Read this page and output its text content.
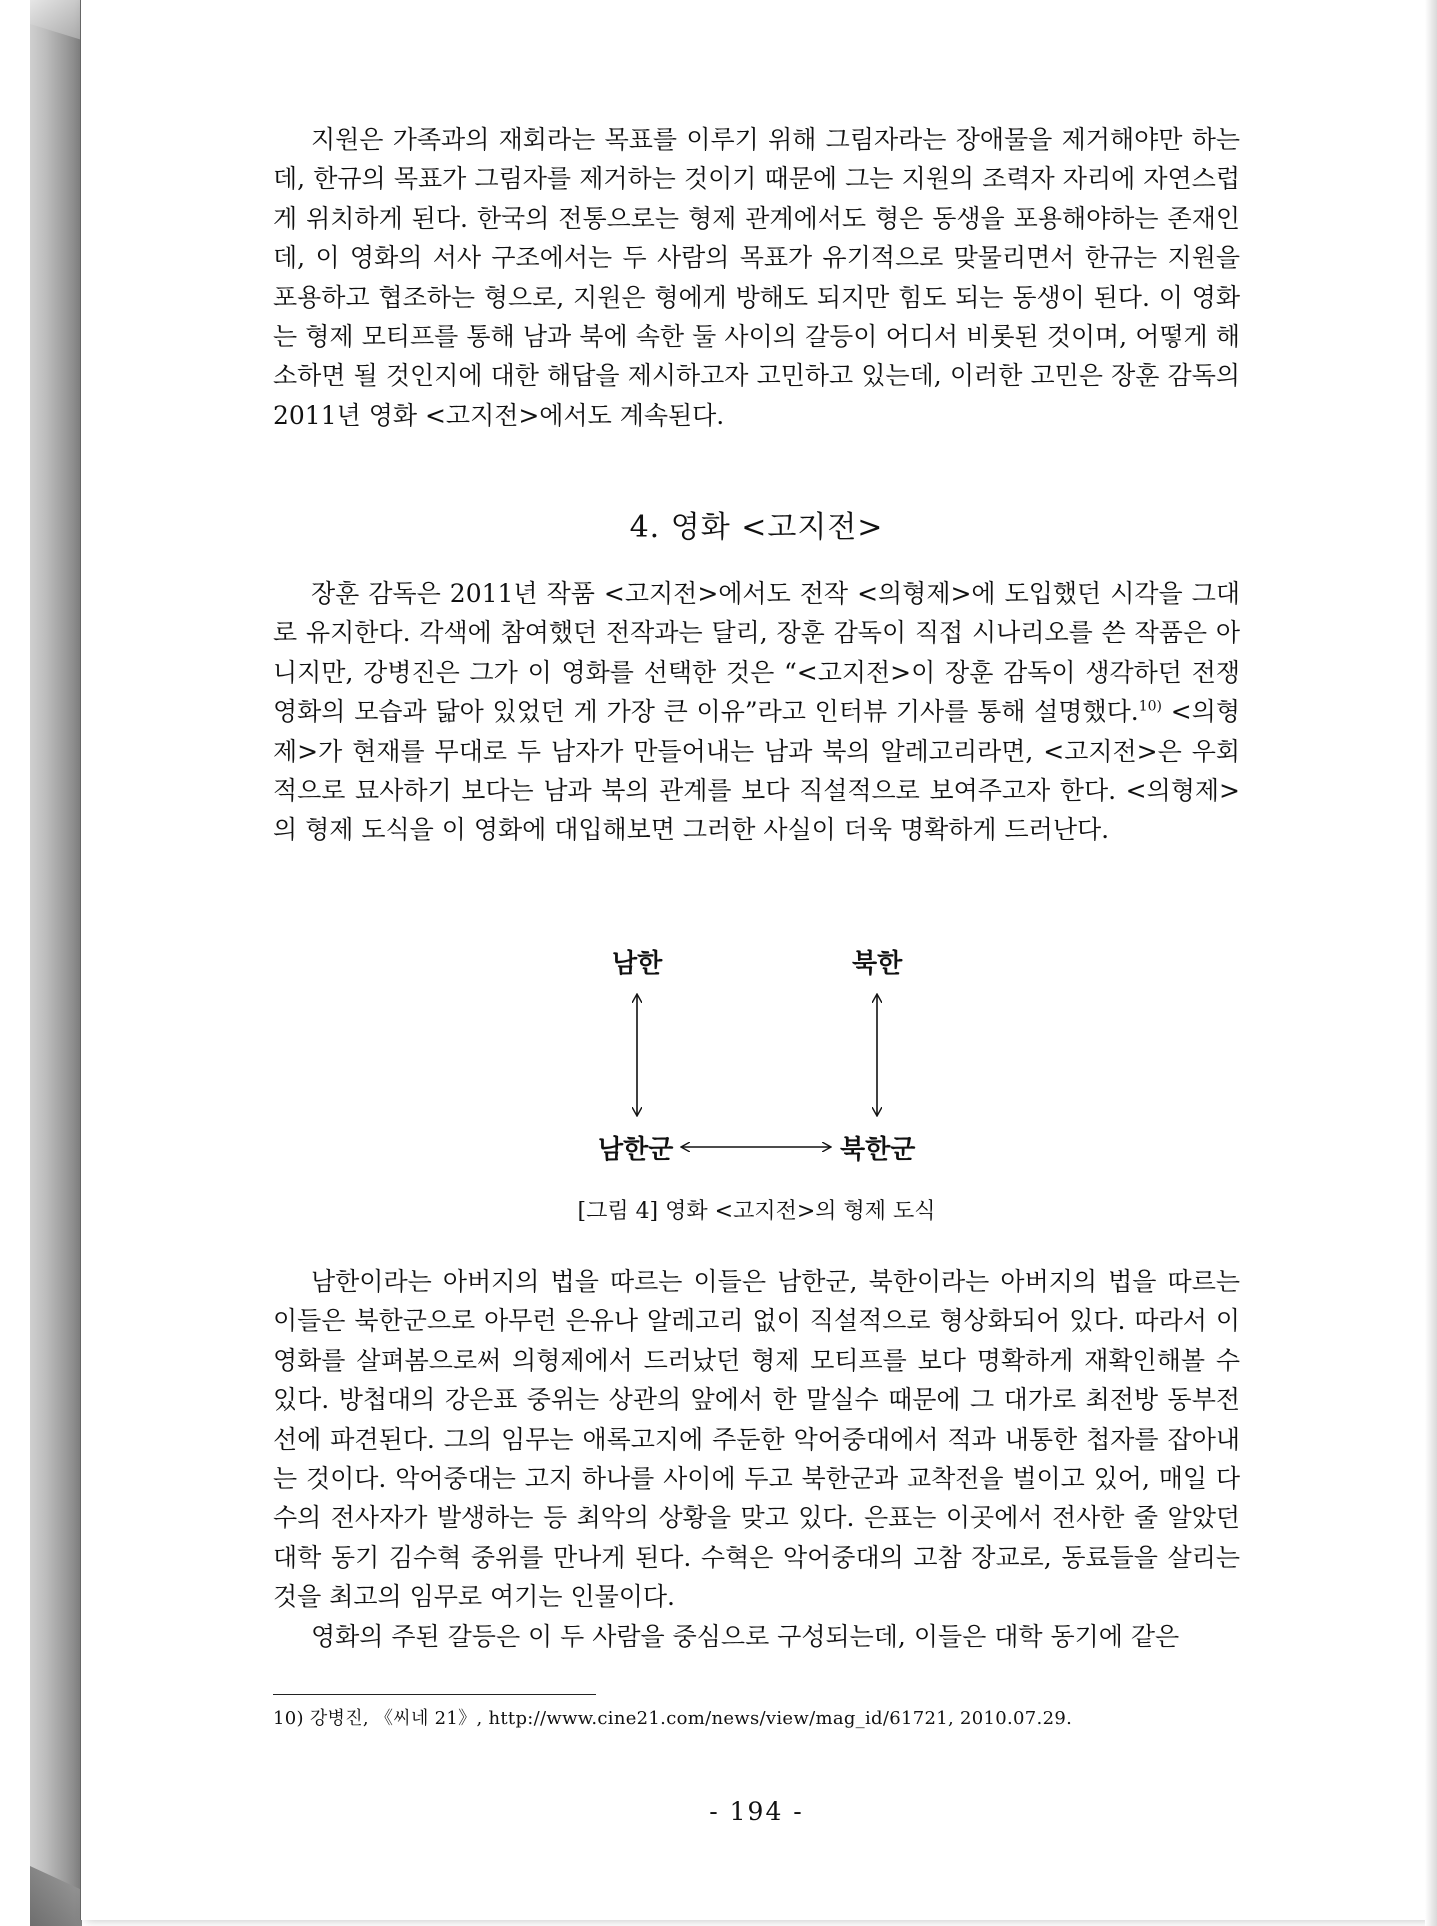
지원은 가족과의 재회라는 목표를 이루기 위해 그림자라는 장애물을 제거해야만 하는데, 한규의 목표가 그림자를 제거하는 것이기 때문에 그는 지원의 조력자 자리에 자연스럽게 위치하게 된다. 한국의 전통으로는 형제 관계에서도 형은 동생을 포용해야하는 존재인데, 이 영화의 서사 구조에서는 두 사람의 목표가 유기적으로 맞물리면서 한규는 지원을 포용하고 협조하는 형으로, 지원은 형에게 방해도 되지만 힘도 되는 동생이 된다. 이 영화는 형제 모티프를 통해 남과 북에 속한 둘 사이의 갈등이 어디서 비롯된 것이며, 어떻게 해소하면 될 것인지에 대한 해답을 제시하고자 고민하고 있는데, 이러한 고민은 장훈 감독의 2011년 영화 <고지전>에서도 계속된다.

4. 영화 <고지전>

장훈 감독은 2011년 작품 <고지전>에서도 전작 <의형제>에 도입했던 시각을 그대로 유지한다. 각색에 참여했던 전작과는 달리, 장훈 감독이 직접 시나리오를 쓴 작품은 아니지만, 강병진은 그가 이 영화를 선택한 것은 “<고지전>이 장훈 감독이 생각하던 전쟁영화의 모습과 닮아 있었던 게 가장 큰 이유”라고 인터뷰 기사를 통해 설명했다.$^{10)}$ <의형제>가 현재를 무대로 두 남자가 만들어내는 남과 북의 알레고리라면, <고지전>은 우회적으로 묘사하기 보다는 남과 북의 관계를 보다 직설적으로 보여주고자 한다. <의형제>의 형제 도식을 이 영화에 대입해보면 그러한 사실이 더욱 명확하게 드러난다.

남한	북한
남한군	북한군
[그림 4] 영화 <고지전>의 형제 도식

남한이라는 아버지의 법을 따르는 이들은 남한군, 북한이라는 아버지의 법을 따르는 이들은 북한군으로 아무런 은유나 알레고리 없이 직설적으로 형상화되어 있다. 따라서 이 영화를 살펴봄으로써 의형제에서 드러났던 형제 모티프를 보다 명확하게 재확인해볼 수 있다. 방첩대의 강은표 중위는 상관의 앞에서 한 말실수 때문에 그 대가로 최전방 동부전선에 파견된다. 그의 임무는 애록고지에 주둔한 악어중대에서 적과 내통한 첩자를 잡아내는 것이다. 악어중대는 고지 하나를 사이에 두고 북한군과 교착전을 벌이고 있어, 매일 다수의 전사자가 발생하는 등 최악의 상황을 맞고 있다. 은표는 이곳에서 전사한 줄 알았던 대학 동기 김수혁 중위를 만나게 된다. 수혁은 악어중대의 고참 장교로, 동료들을 살리는 것을 최고의 임무로 여기는 인물이다.

영화의 주된 갈등은 이 두 사람을 중심으로 구성되는데, 이들은 대학 동기에 같은

10) 강병진, 《씨네 21》, http://www.cine21.com/news/view/mag_id/61721, 2010.07.29.
- 194 -
